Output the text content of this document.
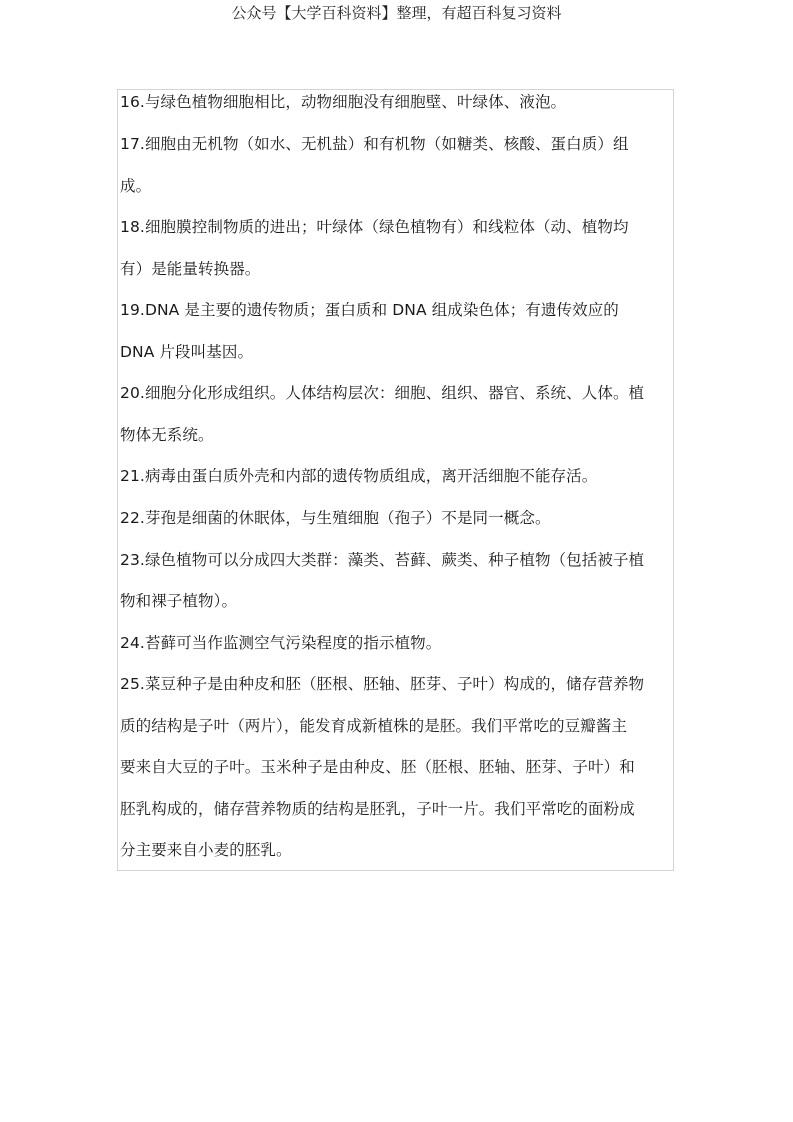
公众号【大学百科资料】整理，有超百科复习资料
16.与绿色植物细胞相比，动物细胞没有细胞壁、叶绿体、液泡。
17.细胞由无机物（如水、无机盐）和有机物（如糖类、核酸、蛋白质）组
成。
18.细胞膜控制物质的进出；叶绿体（绿色植物有）和线粒体（动、植物均
有）是能量转换器。
19.DNA 是主要的遗传物质；蛋白质和 DNA 组成染色体；有遗传效应的
DNA 片段叫基因。
20.细胞分化形成组织。人体结构层次：细胞、组织、器官、系统、人体。植
物体无系统。
21.病毒由蛋白质外壳和内部的遗传物质组成，离开活细胞不能存活。
22.芽孢是细菌的休眠体，与生殖细胞（孢子）不是同一概念。
23.绿色植物可以分成四大类群：藻类、苔藓、蕨类、种子植物（包括被子植
物和裸子植物）。
24.苔藓可当作监测空气污染程度的指示植物。
25.菜豆种子是由种皮和胚（胚根、胚轴、胚芽、子叶）构成的，储存营养物
质的结构是子叶（两片），能发育成新植株的是胚。我们平常吃的豆瓣酱主
要来自大豆的子叶。玉米种子是由种皮、胚（胚根、胚轴、胚芽、子叶）和
胚乳构成的，储存营养物质的结构是胚乳，子叶一片。我们平常吃的面粉成
分主要来自小麦的胚乳。
